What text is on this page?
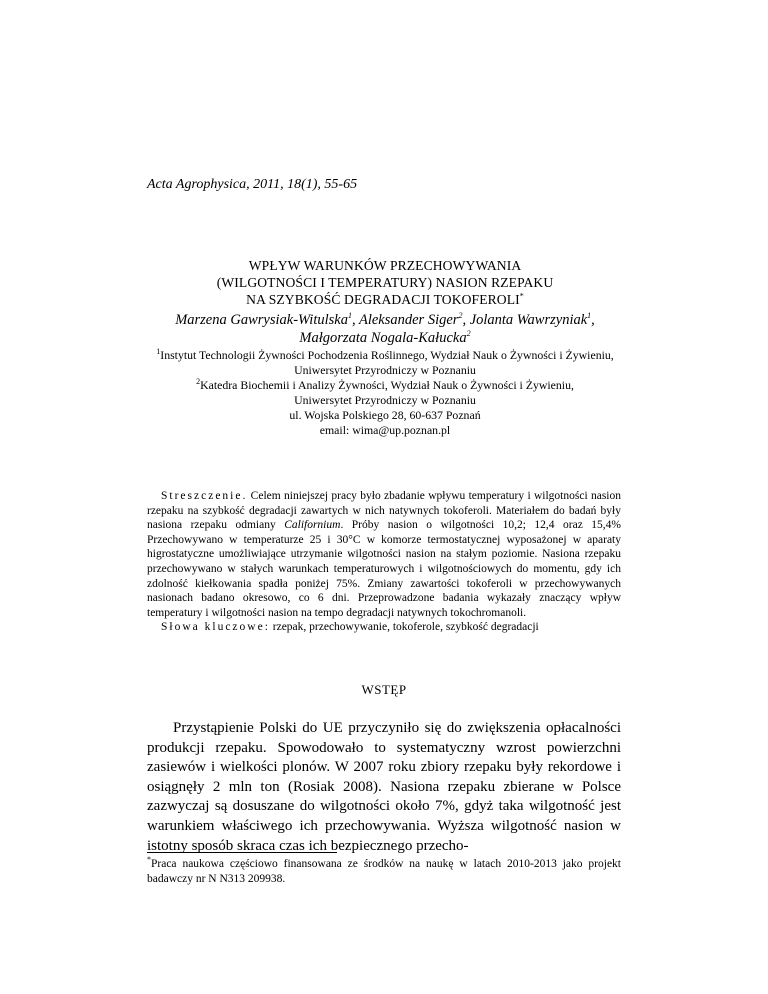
Acta Agrophysica, 2011, 18(1), 55-65

WPŁYW WARUNKÓW PRZECHOWYWANIA

(WILGOTNOŚCI I TEMPERATURY) NASION RZEPAKU

NA SZYBKOŚĆ DEGRADACJI TOKOFEROLI*

Marzena Gawrysiak-Witulska$^1$, Aleksander Siger$^2$, Jolanta Wawrzyniak$^1$,
Małgorzata Nogala-Kałucka$^2$

$^1$Instytut Technologii Żywności Pochodzenia Roślinnego, Wydział Nauk o Żywności i Żywieniu,
Uniwersytet Przyrodniczy w Poznaniu
$^2$Katedra Biochemii i Analizy Żywności, Wydział Nauk o Żywności i Żywieniu,
Uniwersytet Przyrodniczy w Poznaniu
ul. Wojska Polskiego 28, 60-637 Poznań
email: wima@up.poznan.pl

Streszczenie. Celem niniejszej pracy było zbadanie wpływu temperatury i wilgotności nasion rzepaku na szybkość degradacji zawartych w nich natywnych tokoferoli. Materiałem do badań były nasiona rzepaku odmiany Californium. Próby nasion o wilgotności 10,2; 12,4 oraz 15,4% Przechowywano w temperaturze 25 i 30°C w komorze termostatycznej wyposażonej w aparaty higrostatyczne umożliwiające utrzymanie wilgotności nasion na stałym poziomie. Nasiona rzepaku przechowywano w stałych warunkach temperaturowych i wilgotnościowych do momentu, gdy ich zdolność kiełkowania spadła poniżej 75%. Zmiany zawartości tokoferoli w przechowywanych nasionach badano okresowo, co 6 dni. Przeprowadzone badania wykazały znaczący wpływ temperatury i wilgotności nasion na tempo degradacji natywnych tokochromanoli.

Słowa kluczowe: rzepak, przechowywanie, tokoferole, szybkość degradacji

WSTĘP

Przystąpienie Polski do UE przyczyniło się do zwiększenia opłacalności produkcji rzepaku. Spowodowało to systematyczny wzrost powierzchni zasiewów i wielkości plonów. W 2007 roku zbiory rzepaku były rekordowe i osiągnęły 2 mln ton (Rosiak 2008). Nasiona rzepaku zbierane w Polsce zazwyczaj są dosuszane do wilgotności około 7%, gdyż taka wilgotność jest warunkiem właściwego ich przechowywania. Wyższa wilgotność nasion w istotny sposób skraca czas ich bezpiecznego przecho-

*Praca naukowa częściowo finansowana ze środków na naukę w latach 2010-2013 jako projekt badawczy nr N N313 209938.
